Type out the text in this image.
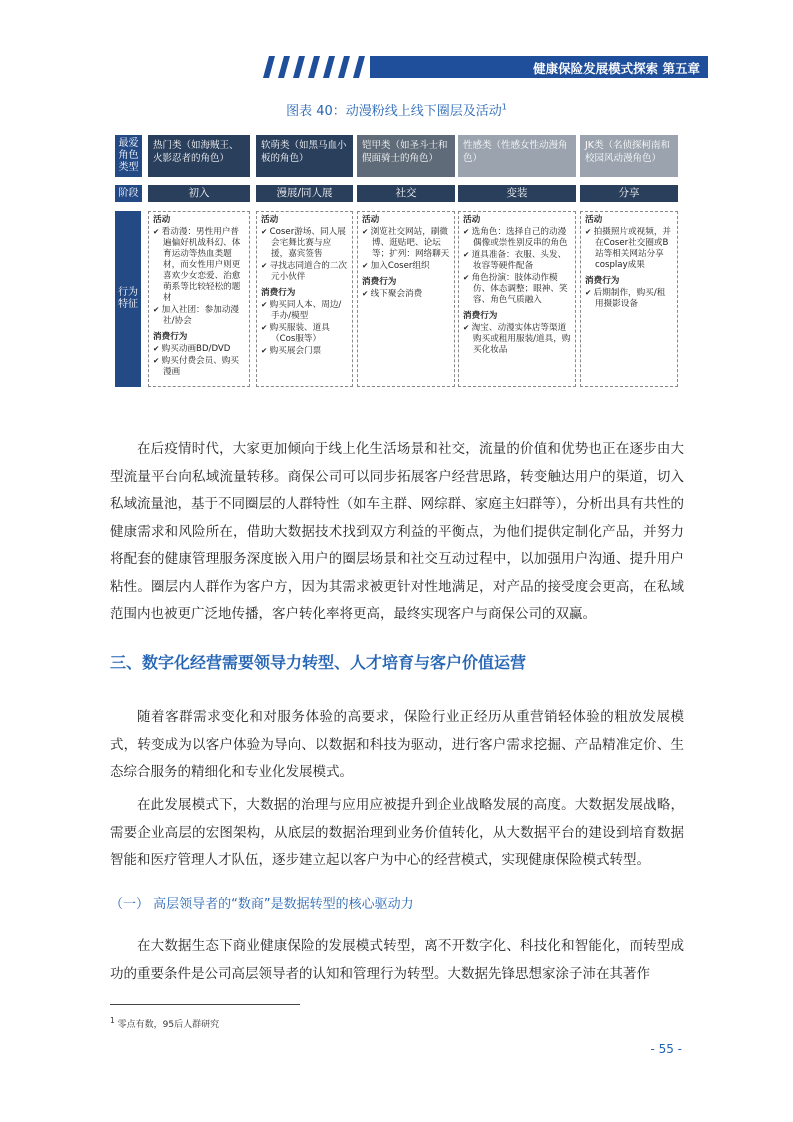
健康保险发展模式探索 第五章
图表 40：动漫粉线上线下圈层及活动$^1$
最爱角色类型
阶段
行为特征
热门类（如海贼王、火影忍者的角色）
初入
活动
✔ 看动漫：男性用户普遍偏好机战科幻、体育运动等热血类题材，而女性用户则更喜欢少女恋爱、治愈萌系等比较轻松的题材
✔ 加入社团：参加动漫社/协会
消费行为
✔ 购买动画BD/DVD
✔ 购买付费会员、购买漫画
软萌类（如黑马血小板的角色）
漫展/同人展
活动
✔ Coser游场、同人展会宅舞比赛与应援，嘉宾签售
✔ 寻找志同道合的二次元小伙伴
消费行为
✔ 购买同人本、周边/手办/模型
✔ 购买服装、道具（Cos服等）
✔ 购买展会门票
铠甲类（如圣斗士和假面骑士的角色）
社交
活动
✔ 浏览社交网站，刷微博、逛贴吧、论坛等；扩列：网络聊天
✔ 加入Coser组织
消费行为
✔ 线下聚会消费
性感类（性感女性动漫角色）
变装
活动
✔ 选角色：选择自己的动漫偶像或崇性别反串的角色
✔ 道具准备：衣服、头发、妆容等硬件配备
✔ 角色扮演：肢体动作模仿、体态调整；眼神、笑容、角色气质融入
消费行为
✔ 淘宝、动漫实体店等渠道购买或租用服装/道具，购买化妆品
JK类（名侦探柯南和校园风动漫角色）
分享
活动
✔ 拍摄照片或视频，并在Coser社交圈或B站等相关网站分享cosplay成果
消费行为
✔ 后期制作，购买/租用摄影设备
在后疫情时代，大家更加倾向于线上化生活场景和社交，流量的价值和优势也正在逐步由大型流量平台向私域流量转移。商保公司可以同步拓展客户经营思路，转变触达用户的渠道，切入私域流量池，基于不同圈层的人群特性（如车主群、网综群、家庭主妇群等），分析出具有共性的健康需求和风险所在，借助大数据技术找到双方利益的平衡点，为他们提供定制化产品，并努力将配套的健康管理服务深度嵌入用户的圈层场景和社交互动过程中，以加强用户沟通、提升用户粘性。圈层内人群作为客户方，因为其需求被更针对性地满足，对产品的接受度会更高，在私域范围内也被更广泛地传播，客户转化率将更高，最终实现客户与商保公司的双赢。
三、数字化经营需要领导力转型、人才培育与客户价值运营
随着客群需求变化和对服务体验的高要求，保险行业正经历从重营销轻体验的粗放发展模式，转变成为以客户体验为导向、以数据和科技为驱动，进行客户需求挖掘、产品精准定价、生态综合服务的精细化和专业化发展模式。
在此发展模式下，大数据的治理与应用应被提升到企业战略发展的高度。大数据发展战略，需要企业高层的宏图架构，从底层的数据治理到业务价值转化，从大数据平台的建设到培育数据智能和医疗管理人才队伍，逐步建立起以客户为中心的经营模式，实现健康保险模式转型。
（一） 高层领导者的“数商”是数据转型的核心驱动力
在大数据生态下商业健康保险的发展模式转型，离不开数字化、科技化和智能化，而转型成功的重要条件是公司高层领导者的认知和管理行为转型。大数据先锋思想家涂子沛在其著作
$^1$ 零点有数，95后人群研究
- 55 -
